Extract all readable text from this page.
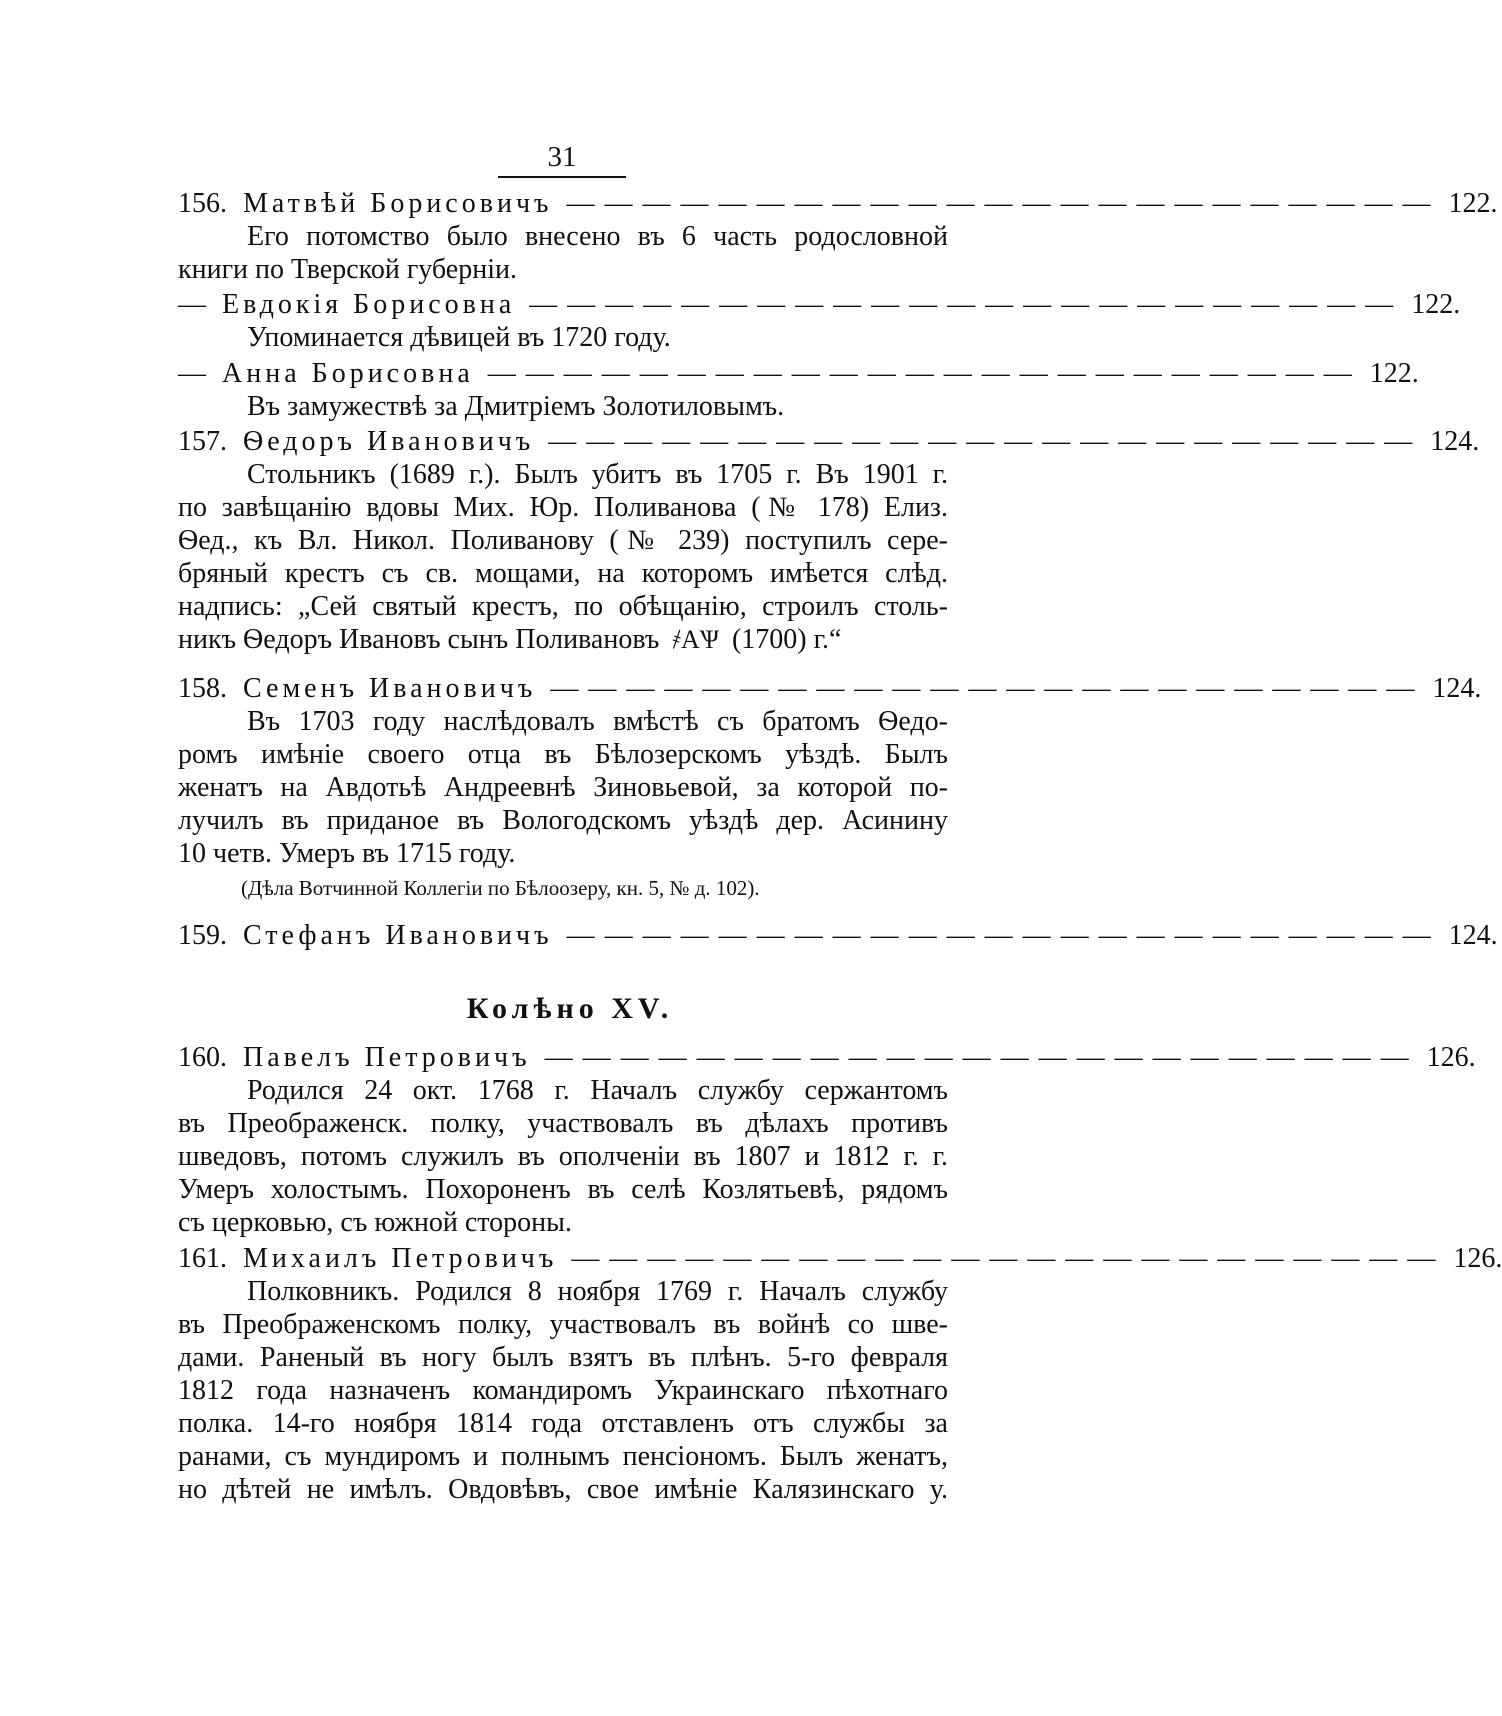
31
156. Матвѣй Борисовичъ ——————————————————————— 122.
Его потомство было внесено въ 6 часть родословной
книги по Тверской губерніи.
— Евдокія Борисовна ——————————————————————— 122.
Упоминается дѣвицей въ 1720 году.
— Анна Борисовна ——————————————————————— 122.
Въ замужествѣ за Дмитріемъ Золотиловымъ.
157. Ѳедоръ Ивановичъ ——————————————————————— 124.
Стольникъ (1689 г.). Былъ убитъ въ 1705 г. Въ 1901 г.
по завѣщанію вдовы Мих. Юр. Поливанова (№ 178) Елиз.
Ѳед., къ Вл. Никол. Поливанову (№ 239) поступилъ сере-
бряный крестъ съ св. мощами, на которомъ имѣется слѣд.
надпись: „Сей святый крестъ, по обѣщанію, строилъ столь-
никъ Ѳедоръ Ивановъ сынъ Поливановъ ҂АѰ (1700) г.“
158. Семенъ Ивановичъ ——————————————————————— 124.
Въ 1703 году наслѣдовалъ вмѣстѣ съ братомъ Ѳедо-
ромъ имѣніе своего отца въ Бѣлозерскомъ уѣздѣ. Былъ
женатъ на Авдотьѣ Андреевнѣ Зиновьевой, за которой по-
лучилъ въ приданое въ Вологодскомъ уѣздѣ дер. Асинину
10 четв. Умеръ въ 1715 году.
(Дѣла Вотчинной Коллегіи по Бѣлоозеру, кн. 5, № д. 102).
159. Стефанъ Ивановичъ ——————————————————————— 124.
Колѣно XV.
160. Павелъ Петровичъ ——————————————————————— 126.
Родился 24 окт. 1768 г. Началъ службу сержантомъ
въ Преображенск. полку, участвовалъ въ дѣлахъ противъ
шведовъ, потомъ служилъ въ ополченіи въ 1807 и 1812 г. г.
Умеръ холостымъ. Похороненъ въ селѣ Козлятьевѣ, рядомъ
съ церковью, съ южной стороны.
161. Михаилъ Петровичъ ——————————————————————— 126.
Полковникъ. Родился 8 ноября 1769 г. Началъ службу
въ Преображенскомъ полку, участвовалъ въ войнѣ со шве-
дами. Раненый въ ногу былъ взятъ въ плѣнъ. 5-го февраля
1812 года назначенъ командиромъ Украинскаго пѣхотнаго
полка. 14-го ноября 1814 года отставленъ отъ службы за
ранами, съ мундиромъ и полнымъ пенсіономъ. Былъ женатъ,
но дѣтей не имѣлъ. Овдовѣвъ, свое имѣніе Калязинскаго у.
